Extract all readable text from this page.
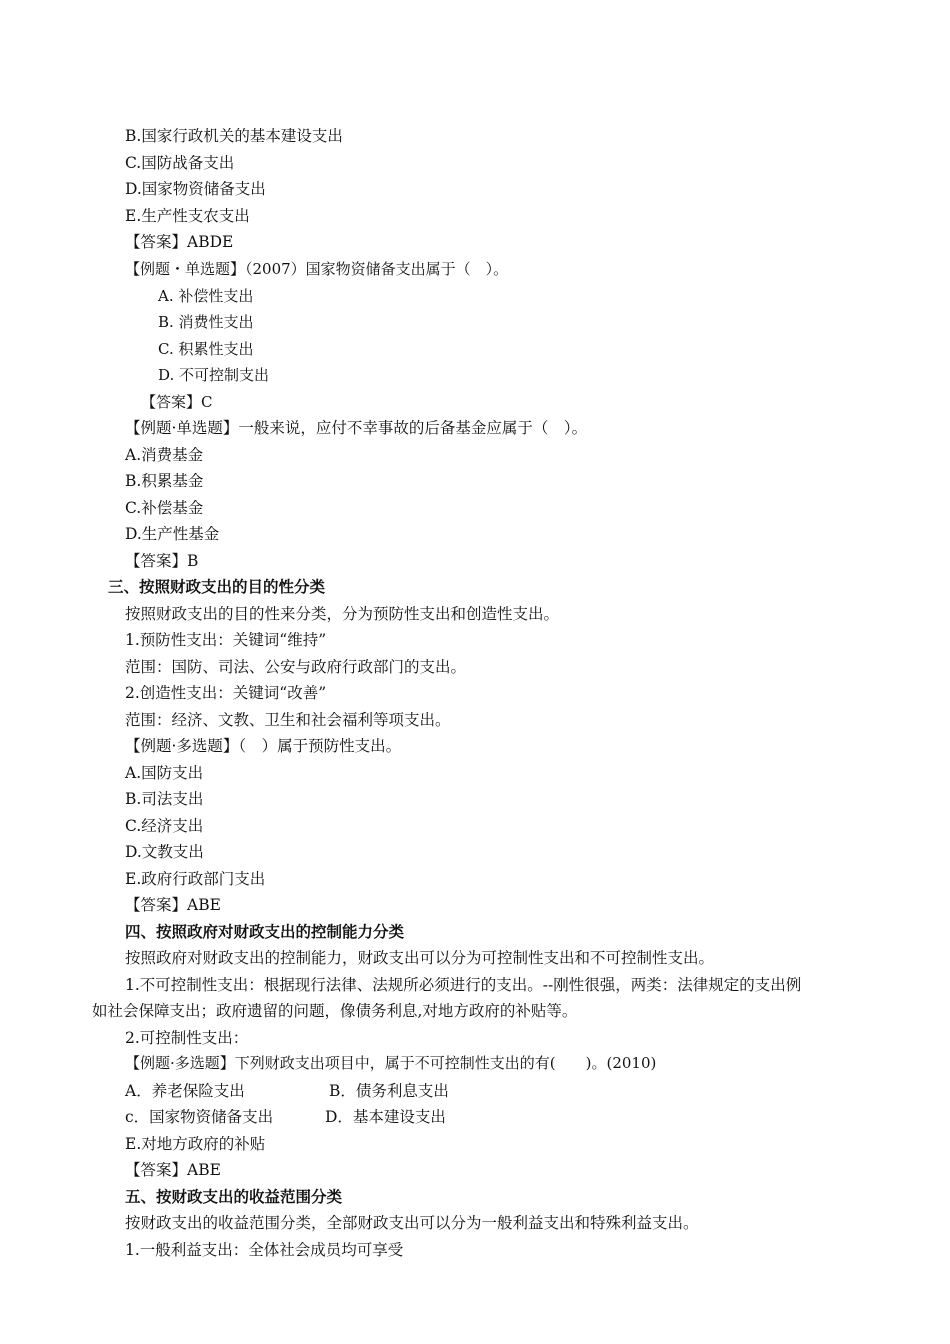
B.国家行政机关的基本建设支出
C.国防战备支出
D.国家物资储备支出
E.生产性支农支出
【答案】ABDE
【例题・单选题】（2007）国家物资储备支出属于（　）。
A. 补偿性支出
B. 消费性支出
C. 积累性支出
D. 不可控制支出
【答案】C
【例题·单选题】一般来说，应付不幸事故的后备基金应属于（　）。
A.消费基金
B.积累基金
C.补偿基金
D.生产性基金
【答案】B
三、按照财政支出的目的性分类
按照财政支出的目的性来分类，分为预防性支出和创造性支出。
1.预防性支出：关键词“维持”
范围：国防、司法、公安与政府行政部门的支出。
2.创造性支出：关键词“改善”
范围：经济、文教、卫生和社会福利等项支出。
【例题·多选题】（　）属于预防性支出。
A.国防支出
B.司法支出
C.经济支出
D.文教支出
E.政府行政部门支出
【答案】ABE
四、按照政府对财政支出的控制能力分类
按照政府对财政支出的控制能力，财政支出可以分为可控制性支出和不可控制性支出。
1.不可控制性支出：根据现行法律、法规所必须进行的支出。--刚性很强，两类：法律规定的支出例
如社会保障支出；政府遗留的问题，像债务利息,对地方政府的补贴等。
2.可控制性支出：
【例题·多选题】下列财政支出项目中，属于不可控制性支出的有(　　)。(2010)
A．养老保险支出	B．债务利息支出
c．国家物资储备支出	D．基本建设支出
E.对地方政府的补贴
【答案】ABE
五、按财政支出的收益范围分类
按财政支出的收益范围分类，全部财政支出可以分为一般利益支出和特殊利益支出。
1.一般利益支出：全体社会成员均可享受
